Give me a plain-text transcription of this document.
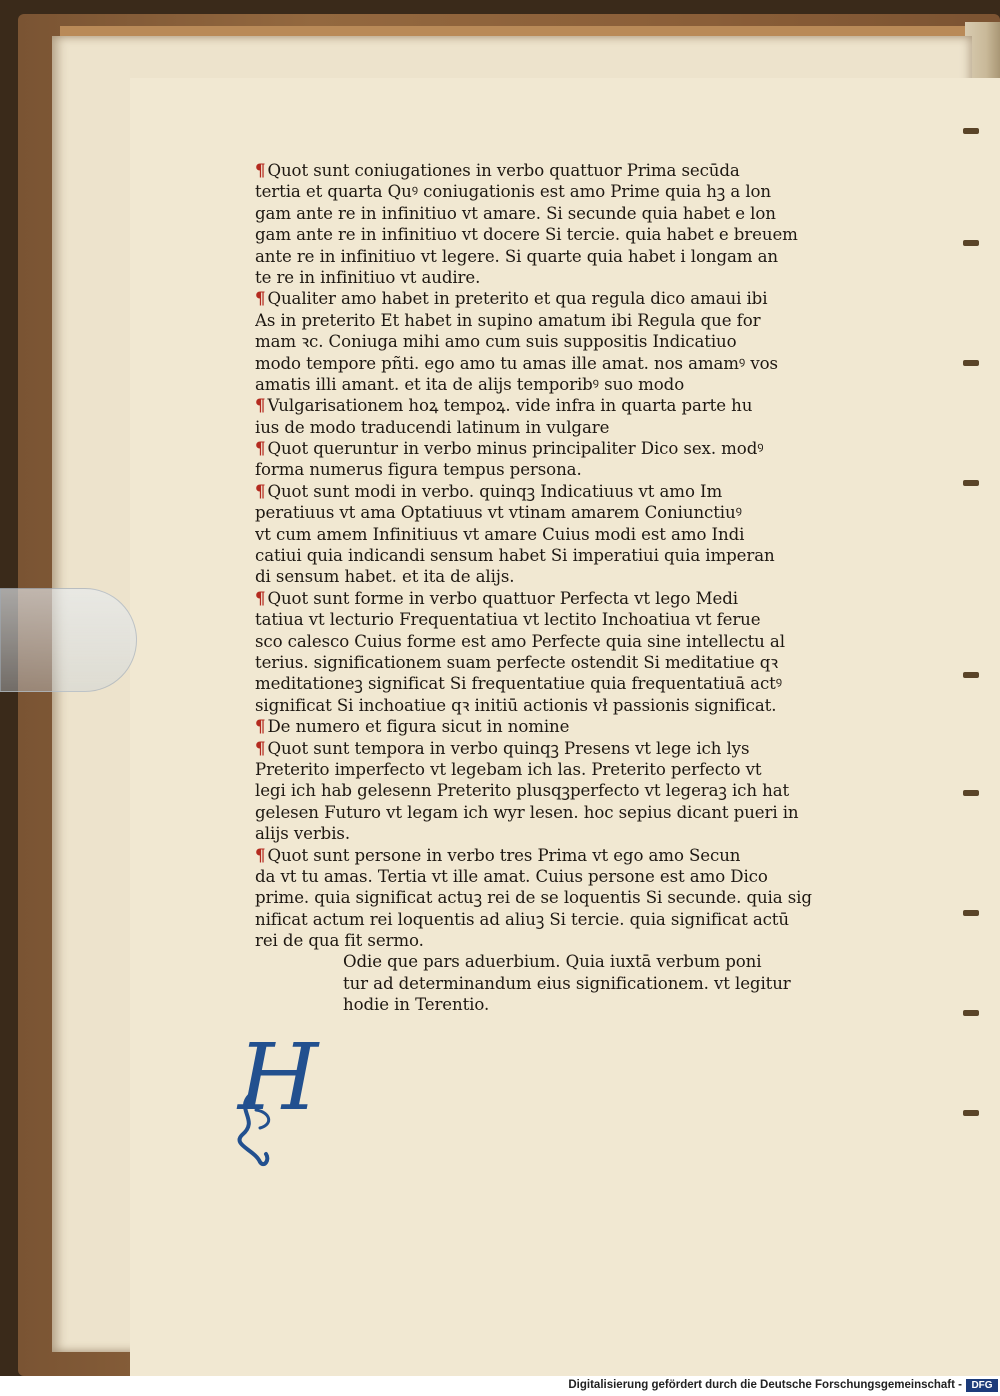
¶ Quot sunt coniugationes in verbo quattuor Prima secūda
tertia et quarta Quꝰ coniugationis est amo Prime quia hꝫ a lon
gam ante re in infinitiuo vt amare. Si secunde quia habet e lon
gam ante re in infinitiuo vt docere Si tercie. quia habet e breuem
ante re in infinitiuo vt legere. Si quarte quia habet i longam an
te re in infinitiuo vt audire.
¶ Qualiter amo habet in preterito et qua regula dico amaui ibi
As in preterito Et habet in supino amatum ibi Regula que for
mam ꝛc. Coniuga mihi amo cum suis suppositis Indicatiuo
modo tempore pñti. ego amo tu amas ille amat. nos amamꝰ vos
amatis illi amant. et ita de alijs temporibꝰ suo modo
¶ Vulgarisationem hoꝝ tempoꝝ. vide infra in quarta parte hu
ius de modo traducendi latinum in vulgare
¶ Quot queruntur in verbo minus principaliter Dico sex. modꝰ
forma numerus figura tempus persona.
¶ Quot sunt modi in verbo. quinqꝫ Indicatiuus vt amo Im
peratiuus vt ama Optatiuus vt vtinam amarem Coniunctiuꝰ
vt cum amem Infinitiuus vt amare Cuius modi est amo Indi
catiui quia indicandi sensum habet Si imperatiui quia imperan
di sensum habet. et ita de alijs.
¶ Quot sunt forme in verbo quattuor Perfecta vt lego Medi
tatiua vt lecturio Frequentatiua vt lectito Inchoatiua vt ferue
sco calesco Cuius forme est amo Perfecte quia sine intellectu al
terius. significationem suam perfecte ostendit Si meditatiue qꝛ
meditationeꝫ significat Si frequentatiue quia frequentatiuā actꝰ
significat Si inchoatiue qꝛ initiū actionis vł passionis significat.
¶ De numero et figura sicut in nomine
¶ Quot sunt tempora in verbo quinqꝫ Presens vt lege ich lys
Preterito imperfecto vt legebam ich las. Preterito perfecto vt
legi ich hab gelesenn Preterito plusqꝫperfecto vt legeraꝫ ich hat
gelesen Futuro vt legam ich wyr lesen. hoc sepius dicant pueri in
alijs verbis.
¶ Quot sunt persone in verbo tres Prima vt ego amo Secun
da vt tu amas. Tertia vt ille amat. Cuius persone est amo Dico
prime. quia significat actuꝫ rei de se loquentis Si secunde. quia sig
nificat actum rei loquentis ad aliuꝫ Si tercie. quia significat actū
rei de qua fit sermo.
Odie que pars aduerbium. Quia iuxtā verbum poni
tur ad determinandum eius significationem. vt legitur
hodie in Terentio.
H
Digitalisierung gefördert durch die Deutsche Forschungsgemeinschaft - DFG
